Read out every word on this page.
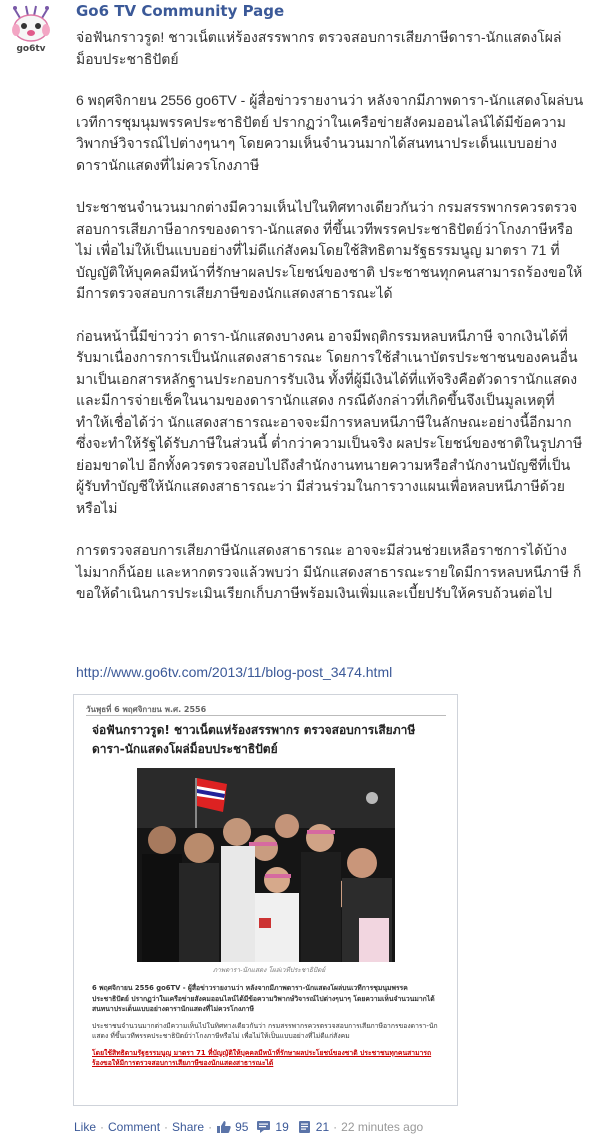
go6tv
Go6 TV Community Page

จ่อฟันกราวรูด! ชาวเน็ตแห่ร้องสรรพากร ตรวจสอบการเสียภาษีดารา-นักแสดงโผล่ม็อบประชาธิปัตย์

6 พฤศจิกายน 2556 go6TV - ผู้สื่อข่าวรายงานว่า หลังจากมีภาพดารา-นักแสดงโผล่บนเวทีการชุมนุมพรรคประชาธิปัตย์ ปรากฏว่าในเครือข่ายสังคมออนไลน์ได้มีข้อความวิพากษ์วิจารณ์ไปต่างๆนาๆ โดยความเห็นจำนวนมากได้สนทนาประเด็นแบบอย่างดารานักแสดงที่ไม่ควรโกงภาษี

ประชาชนจำนวนมากต่างมีความเห็นไปในทิศทางเดียวกันว่า กรมสรรพากรควรตรวจสอบการเสียภาษีอากรของดารา-นักแสดง ที่ขึ้นเวทีพรรคประชาธิปัตย์ว่าโกงภาษีหรือไม่ เพื่อไม่ให้เป็นแบบอย่างที่ไม่ดีแก่สังคมโดยใช้สิทธิตามรัฐธรรมนูญ มาตรา 71 ที่บัญญัติให้บุคคลมีหน้าที่รักษาผลประโยชน์ของชาติ ประชาชนทุกคนสามารถร้องขอให้มีการตรวจสอบการเสียภาษีของนักแสดงสาธารณะได้

ก่อนหน้านี้มีข่าวว่า ดารา-นักแสดงบางคน อาจมีพฤติกรรมหลบหนีภาษี จากเงินได้ที่รับมาเนื่องการการเป็นนักแสดงสาธารณะ โดยการใช้สำเนาบัตรประชาชนของคนอื่นมาเป็นเอกสารหลักฐานประกอบการรับเงิน ทั้งที่ผู้มีเงินได้ที่แท้จริงคือตัวดารานักแสดง และมีการจ่ายเช็คในนามของดารานักแสดง กรณีดังกล่าวที่เกิดขึ้นจึงเป็นมูลเหตุที่ทำให้เชื่อได้ว่า นักแสดงสาธารณะอาจจะมีการหลบหนีภาษีในลักษณะอย่างนี้อีกมาก ซึ่งจะทำให้รัฐได้รับภาษีในส่วนนี้ ต่ำกว่าความเป็นจริง ผลประโยชน์ของชาติในรูปภาษีย่อมขาดไป อีกทั้งควรตรวจสอบไปถึงสำนักงานทนายความหรือสำนักงานบัญชีที่เป็นผู้รับทำบัญชีให้นักแสดงสาธารณะว่า มีส่วนร่วมในการวางแผนเพื่อหลบหนีภาษีด้วยหรือไม่

การตรวจสอบการเสียภาษีนักแสดงสาธารณะ อาจจะมีส่วนช่วยเหลือราชการได้บ้าง ไม่มากก็น้อย และหากตรวจแล้วพบว่า มีนักแสดงสาธารณะรายใดมีการหลบหนีภาษี ก็ขอให้ดำเนินการประเมินเรียกเก็บภาษีพร้อมเงินเพิ่มและเบี้ยปรับให้ครบถ้วนต่อไป

http://www.go6tv.com/2013/11/blog-post_3474.html
วันพุธที่ 6 พฤศจิกายน พ.ศ. 2556
จ่อฟันกราวรูด! ชาวเน็ตแห่ร้องสรรพากร ตรวจสอบการเสียภาษีดารา-นักแสดงโผล่ม็อบประชาธิปัตย์
ภาพดารา-นักแสดง โผล่เวทีประชาธิปัตย์

6 พฤศจิกายน 2556 go6TV - ผู้สื่อข่าวรายงานว่า หลังจากมีภาพดารา-นักแสดงโผล่บนเวทีการชุมนุมพรรคประชาธิปัตย์ ปรากฏว่าในเครือข่ายสังคมออนไลน์ได้มีข้อความวิพากษ์วิจารณ์ไปต่างๆนาๆ โดยความเห็นจำนวนมากได้สนทนาประเด็นแบบอย่างดารานักแสดงที่ไม่ควรโกงภาษี

ประชาชนจำนวนมากต่างมีความเห็นไปในทิศทางเดียวกันว่า กรมสรรพากรควรตรวจสอบการเสียภาษีอากรของดารา-นักแสดง ที่ขึ้นเวทีพรรคประชาธิปัตย์ว่าโกงภาษีหรือไม่ เพื่อไม่ให้เป็นแบบอย่างที่ไม่ดีแก่สังคม

โดยใช้สิทธิตามรัฐธรรมนูญ มาตรา 71 ที่บัญญัติให้บุคคลมีหน้าที่รักษาผลประโยชน์ของชาติ ประชาชนทุกคนสามารถร้องขอให้มีการตรวจสอบการเสียภาษีของนักแสดงสาธารณะได้

Like · Comment · Share · 95 19 21 · 22 minutes ago
